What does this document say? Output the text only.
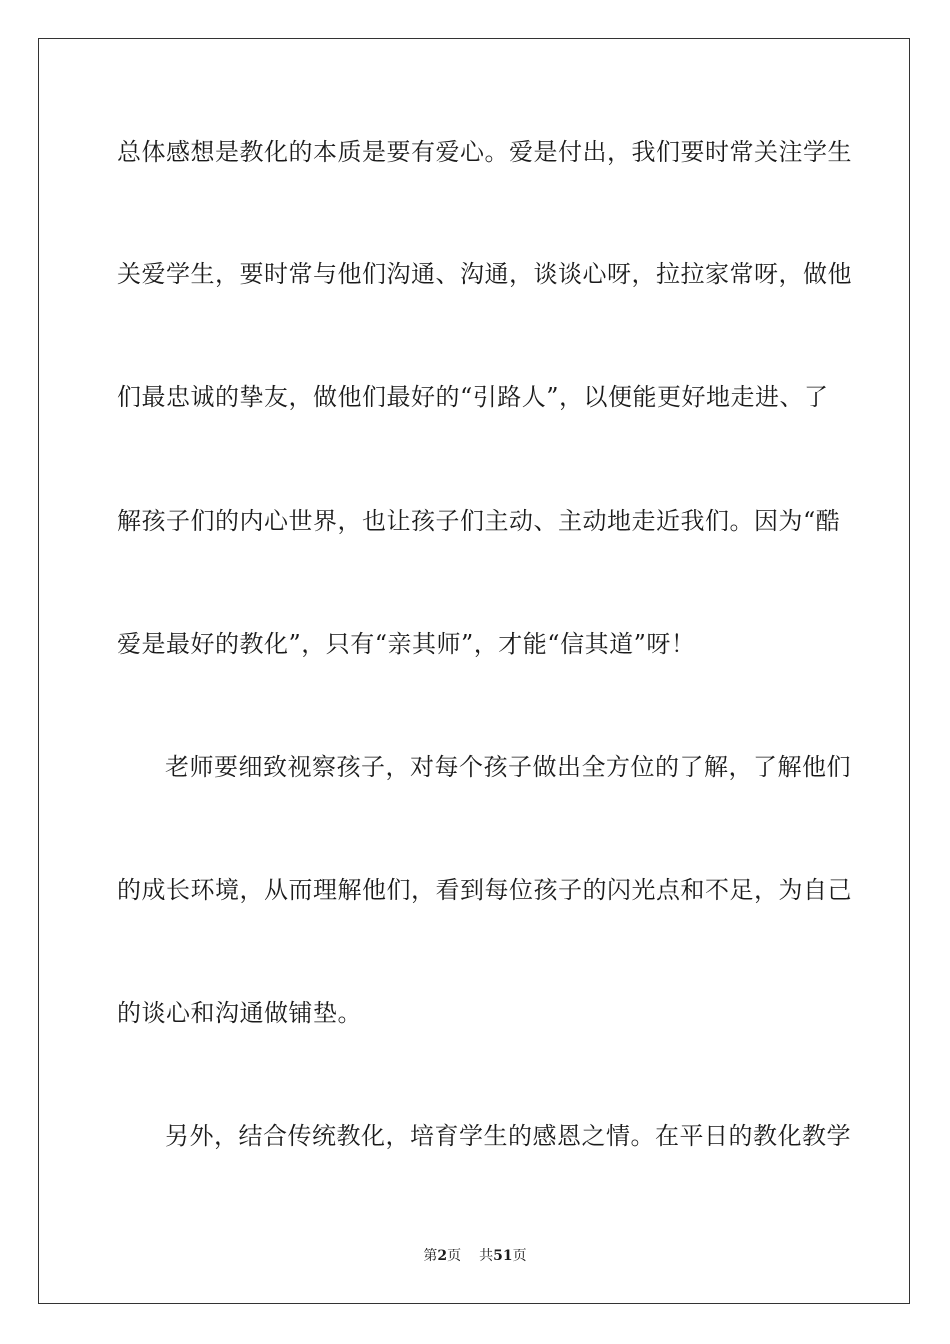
总体感想是教化的本质是要有爱心。爱是付出，我们要时常关注学生
关爱学生，要时常与他们沟通、沟通，谈谈心呀，拉拉家常呀，做他
们最忠诚的挚友，做他们最好的“引路人”，以便能更好地走进、了
解孩子们的内心世界，也让孩子们主动、主动地走近我们。因为“酷
爱是最好的教化”，只有“亲其师”，才能“信其道”呀！
老师要细致视察孩子，对每个孩子做出全方位的了解，了解他们
的成长环境，从而理解他们，看到每位孩子的闪光点和不足，为自己
的谈心和沟通做铺垫。
另外，结合传统教化，培育学生的感恩之情。在平日的教化教学
第2页 共51页
